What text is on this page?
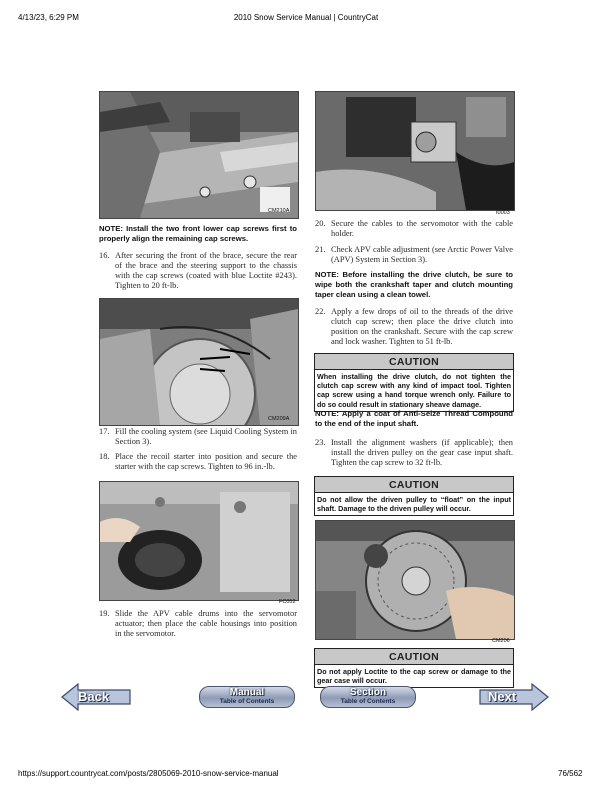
4/13/23, 6:29 PM	2010 Snow Service Manual | CountryCat
CM210A
NOTE: Install the two front lower cap screws first to properly align the remaining cap screws.
16. After securing the front of the brace, secure the rear of the brace and the steering support to the chassis with the cap screws (coated with blue Loctite #243). Tighten to 20 ft-lb.
CM209A
17. Fill the cooling system (see Liquid Cooling System in Section 3).
18. Place the recoil starter into position and secure the starter with the cap screws. Tighten to 96 in.-lb.
FC052
19. Slide the APV cable drums into the servomotor actuator; then place the cable housings into position in the servomotor.
I0003
20. Secure the cables to the servomotor with the cable holder.
21. Check APV cable adjustment (see Arctic Power Valve (APV) System in Section 3).
NOTE: Before installing the drive clutch, be sure to wipe both the crankshaft taper and clutch mounting taper clean using a clean towel.
22. Apply a few drops of oil to the threads of the drive clutch cap screw; then place the drive clutch into position on the crankshaft. Secure with the cap screw and lock washer. Tighten to 51 ft-lb.
CAUTION
When installing the drive clutch, do not tighten the clutch cap screw with any kind of impact tool. Tighten cap screw using a hand torque wrench only. Failure to do so could result in stationary sheave damage.
NOTE: Apply a coat of Anti-Seize Thread Compound to the end of the input shaft.
23. Install the alignment washers (if applicable); then install the driven pulley on the gear case input shaft. Tighten the cap screw to 32 ft-lb.
CAUTION
Do not allow the driven pulley to “float” on the input shaft. Damage to the driven pulley will occur.
CM206
CAUTION
Do not apply Loctite to the cap screw or damage to the gear case will occur.
Back	Manual
Table of Contents
Section
Table of Contents	Next
https://support.countrycat.com/posts/2805069-2010-snow-service-manual	76/562
